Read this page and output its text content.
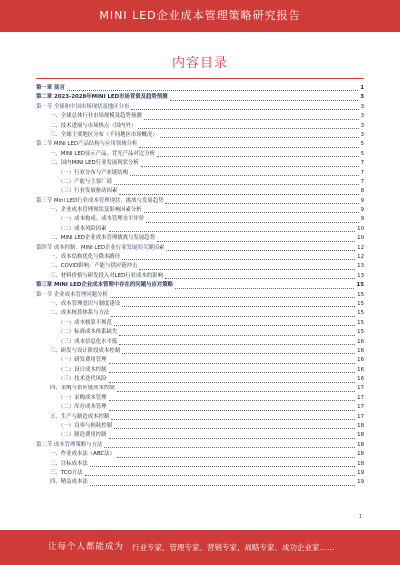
MINI LED企业成本管理策略研究报告
内容目录
第一章 前言	1
第二章 2023-2028年MINI LED市场背景及趋势预测	3
第一节 全球和中国市场现状及地区分布	3
一、全球总体行业市场规模及趋势预测	3
二、技术进展与市场热点（国内外）	3
三、全球主要地区分布（不同地区市场概况）	3
第二节 MINI LED产品结构与应用领域分析	5
一、MINI LED显示产品、背光产品对比分析	5
二、国内MINI LED行业发展现状分析	7
（一）行业分布与产业链结构	7
（二）产能与主要厂商	7
（三）行业发展驱动因素	8
第三节 Mini LED行业成本管理现状、挑战与发展趋势	9
一、企业成本管理现状及影响因素分析	9
（一）成本构成、成本管理水平评价	9
（二）成本风险因素	10
二、MINI LED企业成本管理挑战与发展趋势	10
第四节 成本控制：MINI LED企业行业发展的关键因素	12
一、成本结构优化与降本路径	12
二、COVID影响：产能与供应链冲击	13
三、材料价格与研发投入对LED行业成本的影响	13
第三章 MINI LED企业成本管理中存在的问题与应对策略	15
第一节 企业成本管理问题分析	15
一、成本管理意识与制度建设	15
二、成本核算体系与方法	15
（一）成本核算不规范	15
（二）标准成本体系缺失	15
（三）成本信息化水平低	16
三、研发与设计阶段成本控制	16
（一）研发费用管理	16
（二）设计成本控制	16
（三）技术迭代风险	16
四、采购与供应链成本控制	17
（一）采购成本管理	17
（二）库存成本管理	17
五、生产与制造成本控制	17
（一）良率与损耗控制	18
（二）制造费用控制	18
第二节 成本管理策略与方法	18
一、作业成本法（ABC法）	18
二、目标成本法	18
三、TCO方法	19
四、精益成本法	19
1
让每个人都能成为 行业专家、管理专家、营销专家、战略专家、成功企业家……
